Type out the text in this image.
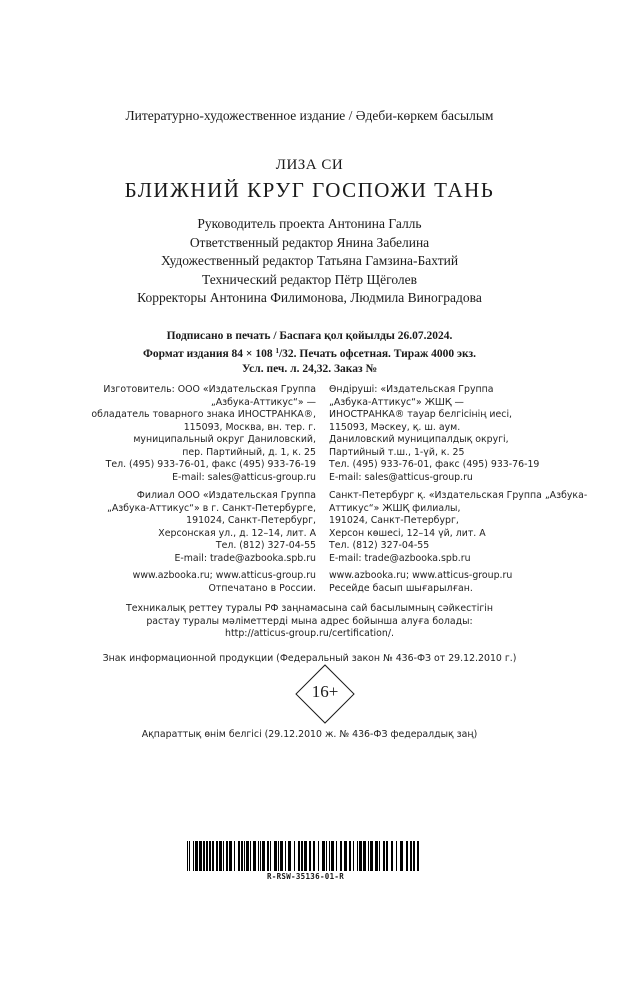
Литературно-художественное издание / Әдеби-көркем басылым
ЛИЗА СИ
БЛИЖНИЙ КРУГ ГОСПОЖИ ТАНЬ
Руководитель проекта Антонина Галль
Ответственный редактор Янина Забелина
Художественный редактор Татьяна Гамзина-Бахтий
Технический редактор Пётр Щёголев
Корректоры Антонина Филимонова, Людмила Виноградова
Подписано в печать / Баспаға қол қойылды 26.07.2024.
Формат издания 84 × 108 $^1$/32. Печать офсетная. Тираж 4000 экз.
Усл. печ. л. 24,32. Заказ №
Изготовитель: ООО «Издательская Группа
„Азбука-Аттикус“» —
обладатель товарного знака ИНОСТРАНКА®,
115093, Москва, вн. тер. г.
муниципальный округ Даниловский,
пер. Партийный, д. 1, к. 25
Тел. (495) 933-76-01, факс (495) 933-76-19
E-mail: sales@atticus-group.ru
Өндіруші: «Издательская Группа
„Азбука-Аттикус“» ЖШҚ —
ИНОСТРАНКА® тауар белгісінің иесі,
115093, Мәскеу, қ. ш. аум.
Даниловский муниципалдық округі,
Партийный т.ш., 1-үй, к. 25
Тел. (495) 933-76-01, факс (495) 933-76-19
E-mail: sales@atticus-group.ru
Филиал ООО «Издательская Группа
„Азбука-Аттикус“» в г. Санкт-Петербурге,
191024, Санкт-Петербург,
Херсонская ул., д. 12–14, лит. А
Тел. (812) 327-04-55
E-mail: trade@azbooka.spb.ru
Санкт-Петербург қ. «Издательская Группа „Азбука-
Аттикус“» ЖШҚ филиалы,
191024, Санкт-Петербург,
Херсон көшесі, 12–14 үй, лит. А
Тел. (812) 327-04-55
E-mail: trade@azbooka.spb.ru
www.azbooka.ru; www.atticus-group.ru
Отпечатано в России.
www.azbooka.ru; www.atticus-group.ru
Ресейде басып шығарылған.
Техникалық реттеу туралы РФ заңнамасына сай басылымның сәйкестігін
растау туралы мәліметтерді мына адрес бойынша алуға болады:
http://atticus-group.ru/certification/.
Знак информационной продукции (Федеральный закон № 436-ФЗ от 29.12.2010 г.)
16+
Ақпараттық өнім белгісі (29.12.2010 ж. № 436-ФЗ федералдық заң)
R-RSW-35136-01-R
